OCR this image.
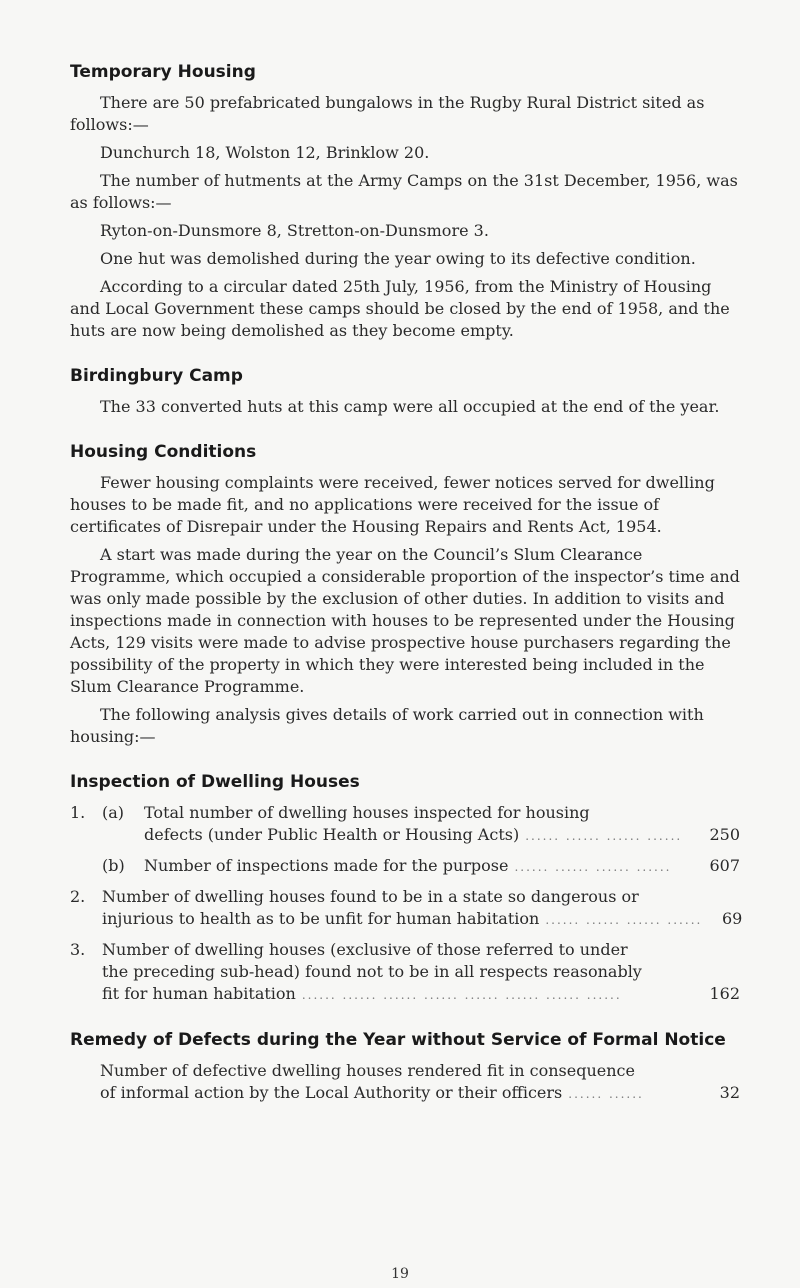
Temporary Housing

There are 50 prefabricated bungalows in the Rugby Rural District sited as follows:—

Dunchurch 18, Wolston 12, Brinklow 20.

The number of hutments at the Army Camps on the 31st December, 1956, was as follows:—

Ryton-on-Dunsmore 8, Stretton-on-Dunsmore 3.

One hut was demolished during the year owing to its defective condition.

According to a circular dated 25th July, 1956, from the Ministry of Housing and Local Government these camps should be closed by the end of 1958, and the huts are now being demolished as they become empty.

Birdingbury Camp

The 33 converted huts at this camp were all occupied at the end of the year.

Housing Conditions

Fewer housing complaints were received, fewer notices served for dwelling houses to be made fit, and no applications were received for the issue of certificates of Disrepair under the Housing Repairs and Rents Act, 1954.

A start was made during the year on the Council’s Slum Clearance Programme, which occupied a considerable proportion of the inspector’s time and was only made possible by the exclusion of other duties. In addition to visits and inspections made in connection with houses to be represented under the Housing Acts, 129 visits were made to advise prospective house purchasers regarding the possibility of the property in which they were interested being included in the Slum Clearance Programme.

The following analysis gives details of work carried out in connection with housing:—

Inspection of Dwelling Houses
1.	(a)	Total number of dwelling houses inspected for housing
defects (under Public Health or Housing Acts) ...... ...... ...... ......	250
(b)	Number of inspections made for the purpose ...... ...... ...... ......	607
2.	Number of dwelling houses found to be in a state so dangerous or
injurious to health as to be unfit for human habitation ...... ...... ...... ......	69
3.	Number of dwelling houses (exclusive of those referred to under
the preceding sub-head) found not to be in all respects reasonably
fit for human habitation ...... ...... ...... ...... ...... ...... ...... ......	162
Remedy of Defects during the Year without Service of Formal Notice
Number of defective dwelling houses rendered fit in consequence
of informal action by the Local Authority or their officers ...... ......	32
19
